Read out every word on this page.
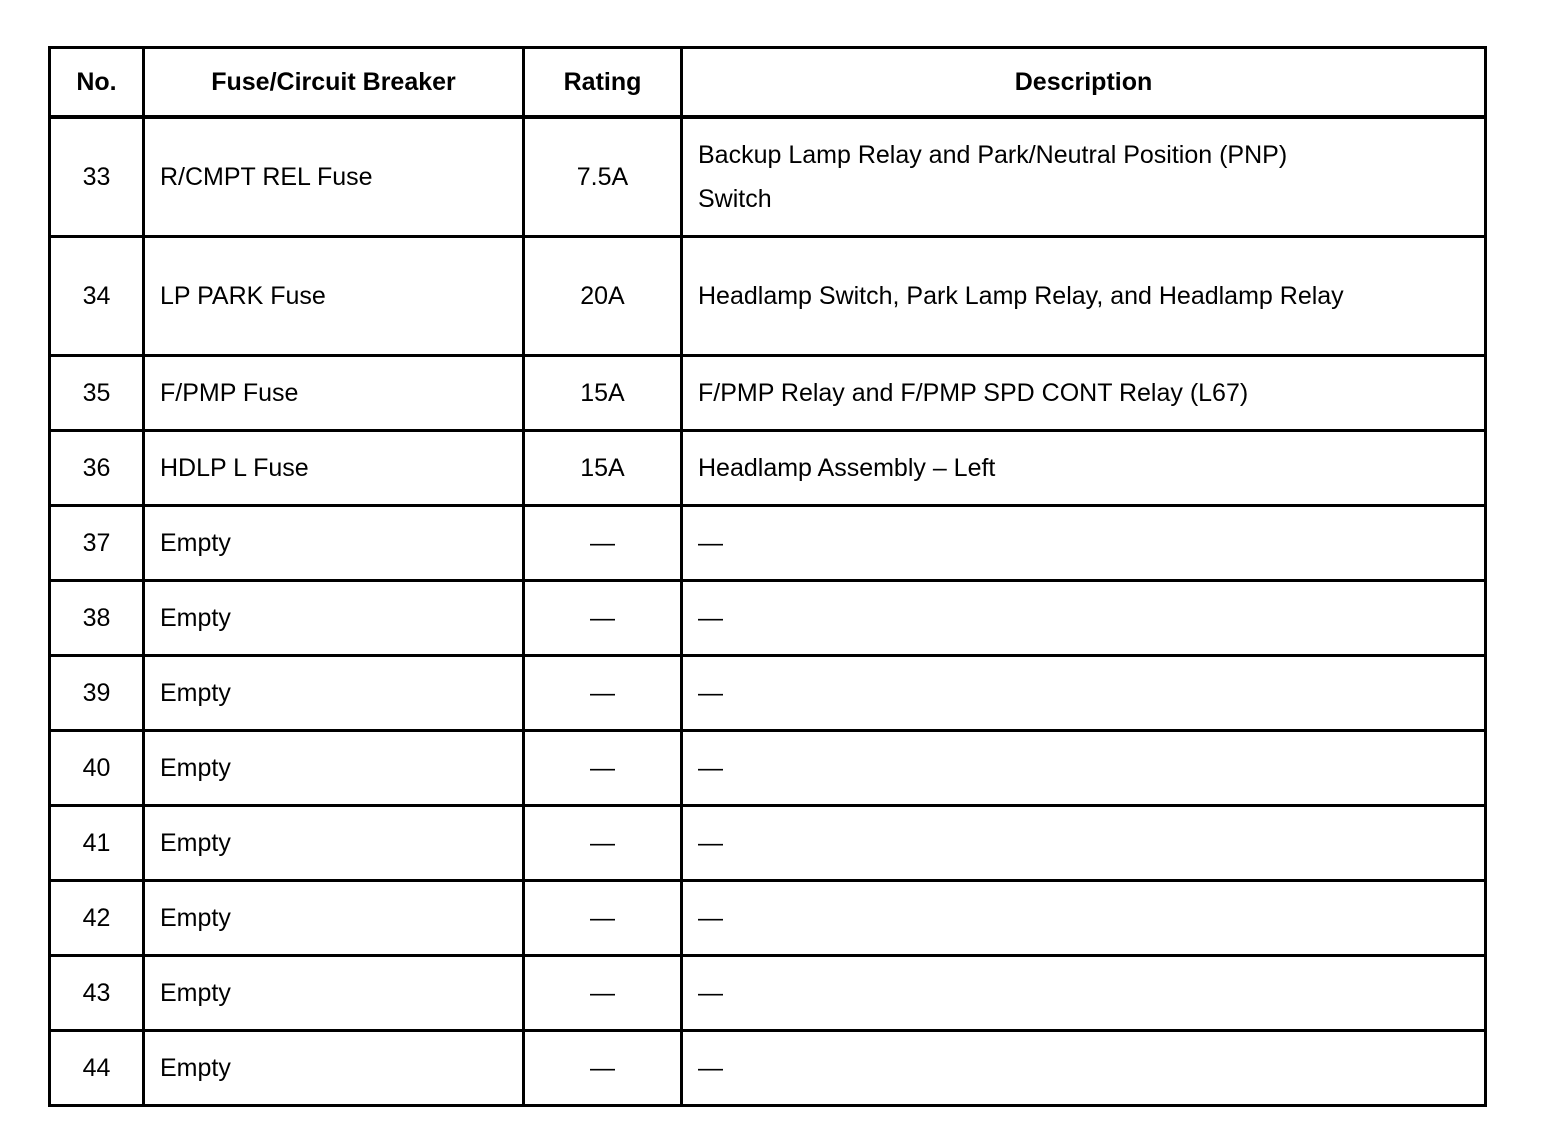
No.	Fuse/Circuit Breaker	Rating	Description
33	R/CMPT REL Fuse	7.5A	Backup Lamp Relay and Park/Neutral Position (PNP) Switch
34	LP PARK Fuse	20A	Headlamp Switch, Park Lamp Relay, and Headlamp Relay
35	F/PMP Fuse	15A	F/PMP Relay and F/PMP SPD CONT Relay (L67)
36	HDLP L Fuse	15A	Headlamp Assembly – Left
37	Empty	—	—
38	Empty	—	—
39	Empty	—	—
40	Empty	—	—
41	Empty	—	—
42	Empty	—	—
43	Empty	—	—
44	Empty	—	—
